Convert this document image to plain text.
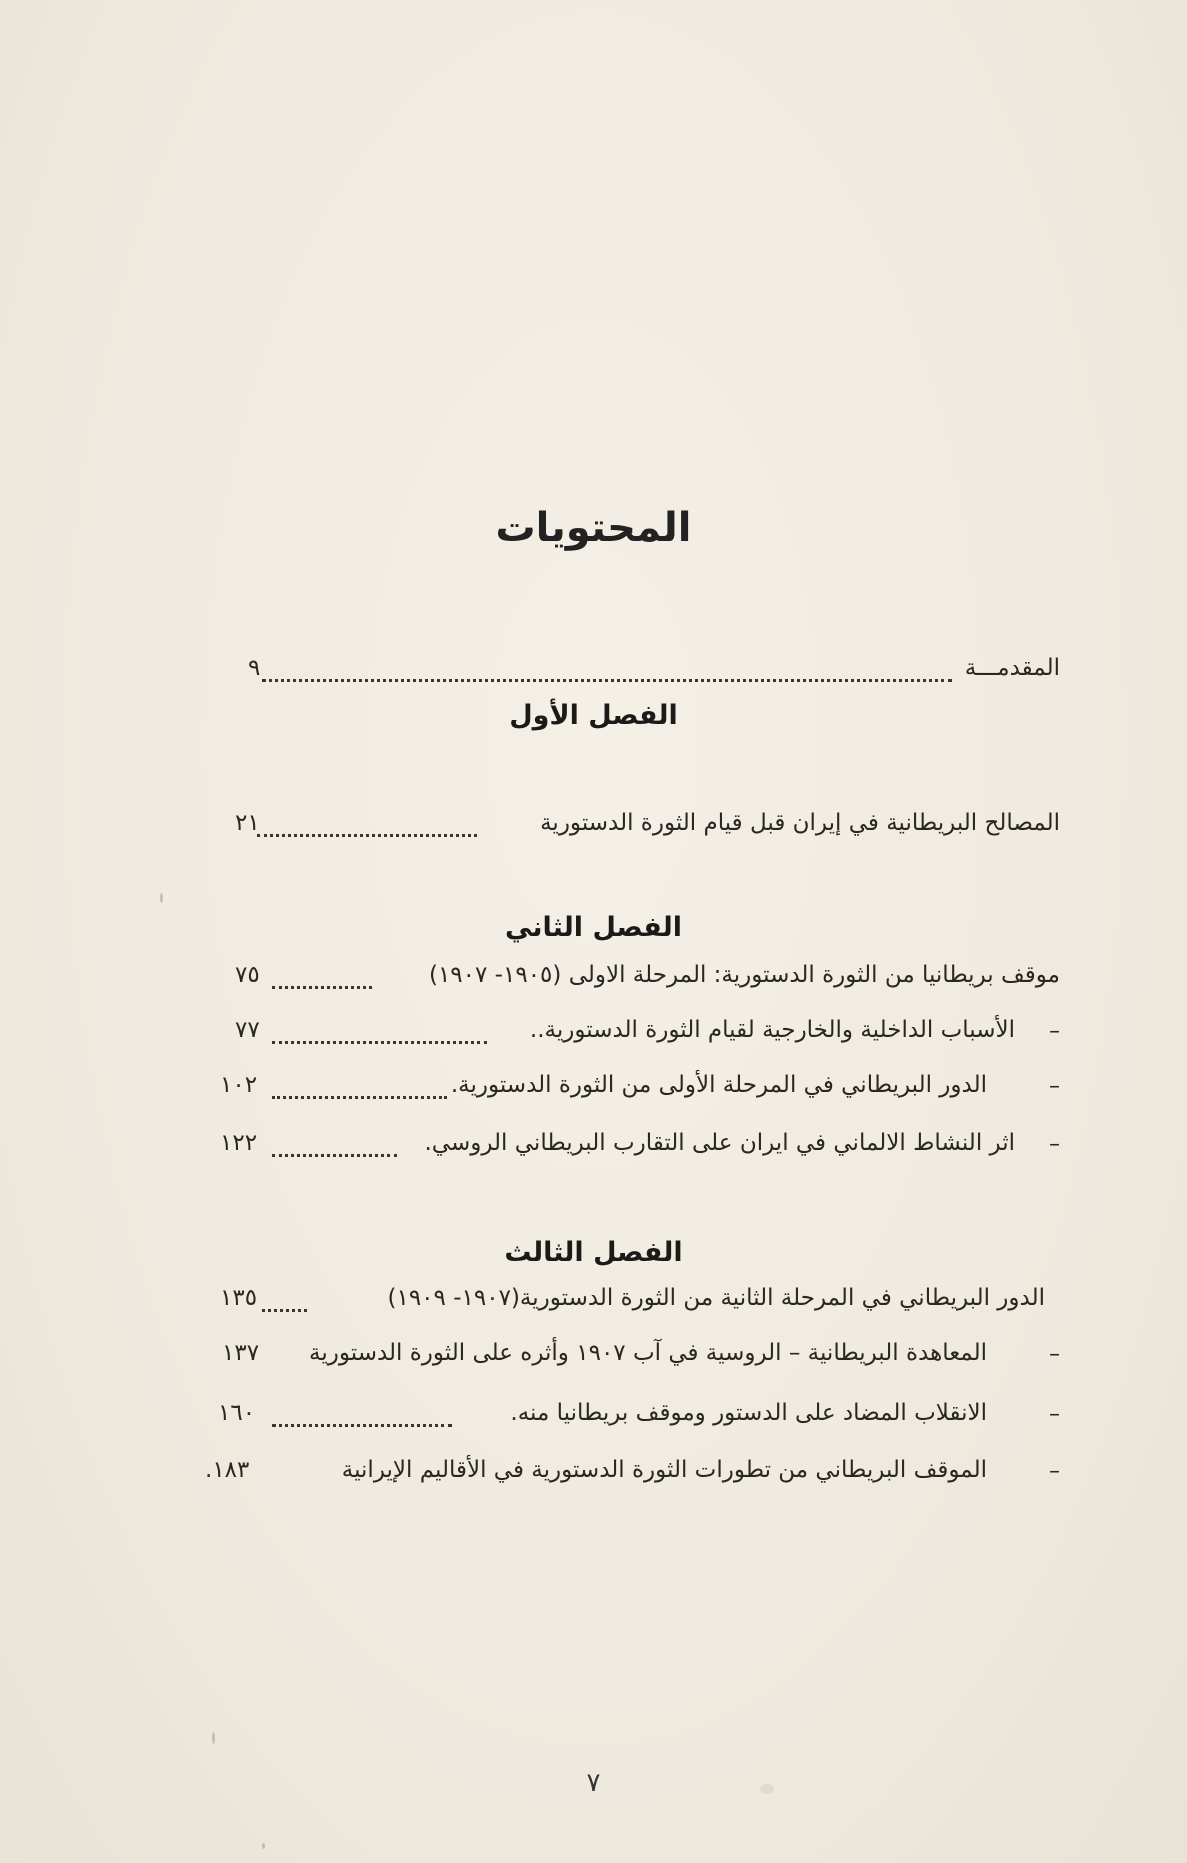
المحتويات
المقدمـــة
٩
الفصل الأول
المصالح البريطانية في إيران قبل قيام الثورة الدستورية
٢١
الفصل الثاني
موقف بريطانيا من الثورة الدستورية: المرحلة الاولى (١٩٠٥- ١٩٠٧)
٧٥
–
الأسباب الداخلية والخارجية لقيام الثورة الدستورية..
٧٧
–
الدور البريطاني في المرحلة الأولى من الثورة الدستورية.
١٠٢
–
اثر النشاط الالماني في ايران على التقارب البريطاني الروسي.
١٢٢
الفصل الثالث
الدور البريطاني في المرحلة الثانية من الثورة الدستورية(١٩٠٧- ١٩٠٩)
١٣٥
–
المعاهدة البريطانية – الروسية في آب ١٩٠٧ وأثره على الثورة الدستورية
١٣٧
–
الانقلاب المضاد على الدستور وموقف بريطانيا منه.
١٦٠
–
الموقف البريطاني من تطورات الثورة الدستورية في الأقاليم الإيرانية
١٨٣.
٧
